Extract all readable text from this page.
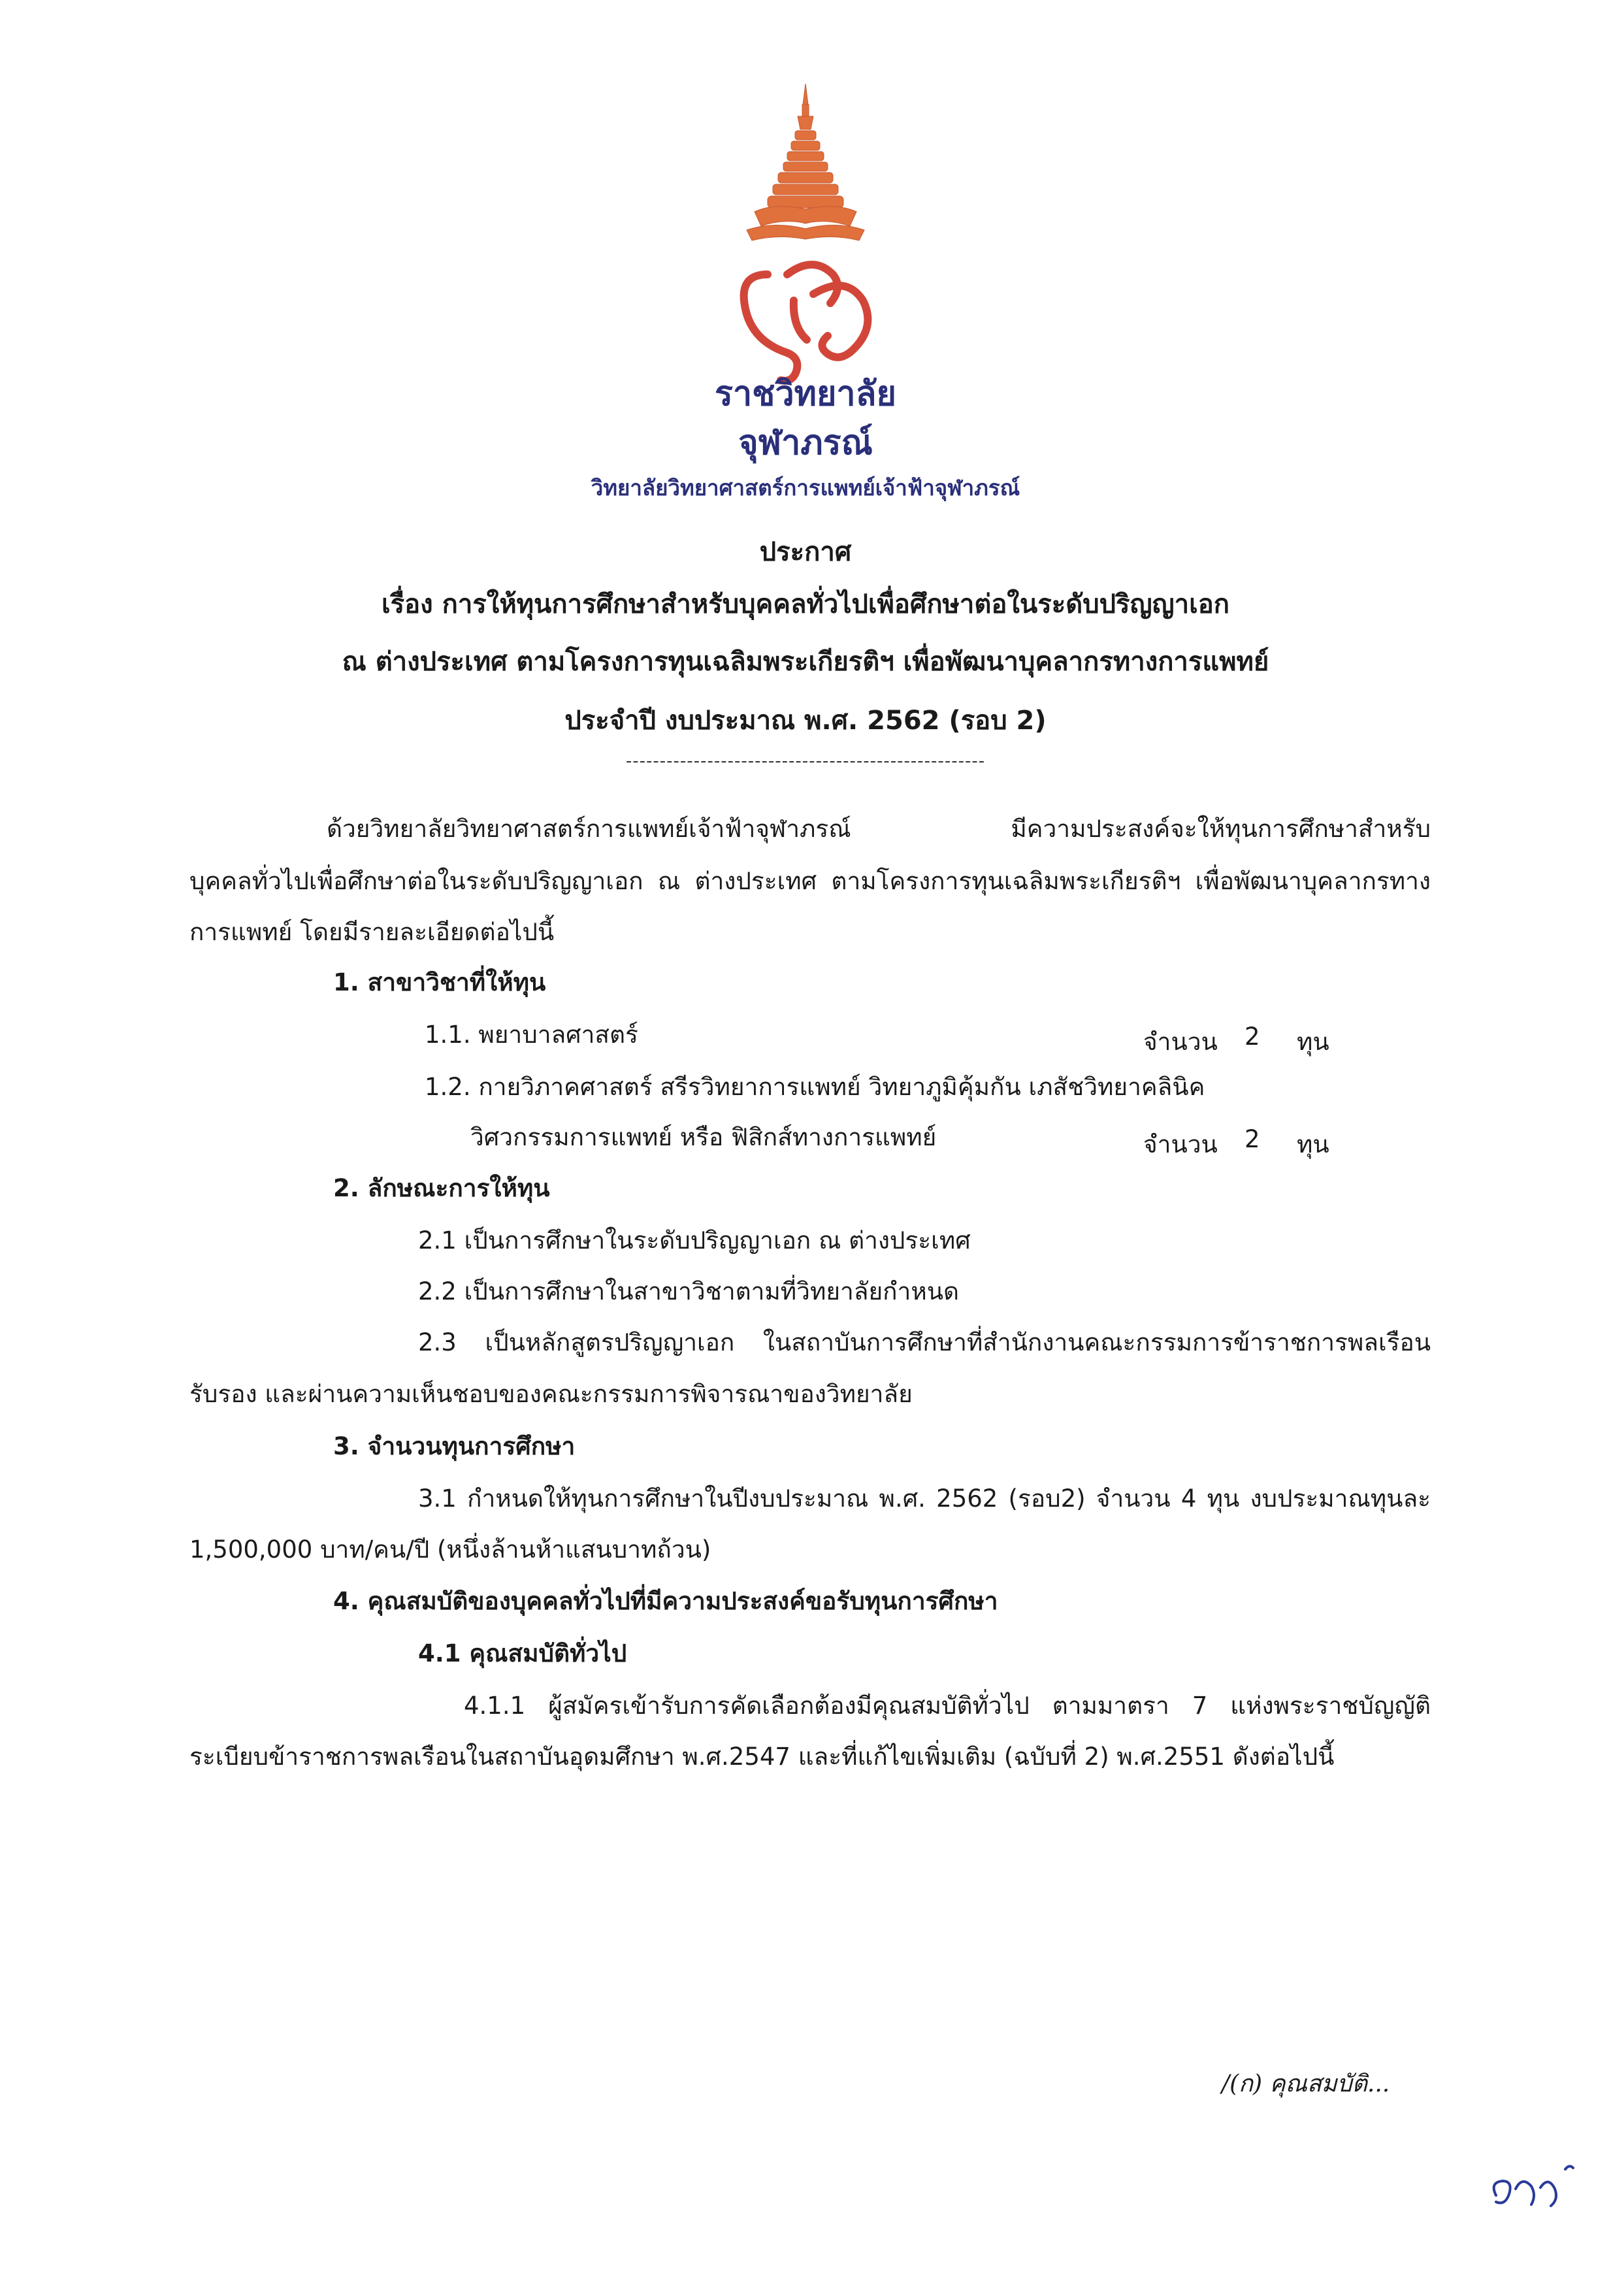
ราชวิทยาลัย
จุฬาภรณ์
วิทยาลัยวิทยาศาสตร์การแพทย์เจ้าฟ้าจุฬาภรณ์
ประกาศ
เรื่อง การให้ทุนการศึกษาสำหรับบุคคลทั่วไปเพื่อศึกษาต่อในระดับปริญญาเอก
ณ ต่างประเทศ ตามโครงการทุนเฉลิมพระเกียรติฯ เพื่อพัฒนาบุคลากรทางการแพทย์
ประจำปี งบประมาณ พ.ศ. 2562 (รอบ 2)
-----------------------------------------------------
ด้วยวิทยาลัยวิทยาศาสตร์การแพทย์เจ้าฟ้าจุฬาภรณ์ มีความประสงค์จะให้ทุนการศึกษาสำหรับ
บุคคลทั่วไปเพื่อศึกษาต่อในระดับปริญญาเอก ณ ต่างประเทศ ตามโครงการทุนเฉลิมพระเกียรติฯ เพื่อพัฒนาบุคลากรทาง
การแพทย์ โดยมีรายละเอียดต่อไปนี้
1. สาขาวิชาที่ให้ทุน
1.1. พยาบาลศาสตร์	จำนวน 2 ทุน
1.2. กายวิภาคศาสตร์ สรีรวิทยาการแพทย์ วิทยาภูมิคุ้มกัน เภสัชวิทยาคลินิค
วิศวกรรมการแพทย์ หรือ ฟิสิกส์ทางการแพทย์	จำนวน 2 ทุน
2. ลักษณะการให้ทุน
2.1 เป็นการศึกษาในระดับปริญญาเอก ณ ต่างประเทศ
2.2 เป็นการศึกษาในสาขาวิชาตามที่วิทยาลัยกำหนด
2.3 เป็นหลักสูตรปริญญาเอก ในสถาบันการศึกษาที่สำนักงานคณะกรรมการข้าราชการพลเรือน
รับรอง และผ่านความเห็นชอบของคณะกรรมการพิจารณาของวิทยาลัย
3. จำนวนทุนการศึกษา
3.1 กำหนดให้ทุนการศึกษาในปีงบประมาณ พ.ศ. 2562 (รอบ2) จำนวน 4 ทุน งบประมาณทุนละ
1,500,000 บาท/คน/ปี (หนึ่งล้านห้าแสนบาทถ้วน)
4. คุณสมบัติของบุคคลทั่วไปที่มีความประสงค์ขอรับทุนการศึกษา
4.1 คุณสมบัติทั่วไป
4.1.1 ผู้สมัครเข้ารับการคัดเลือกต้องมีคุณสมบัติทั่วไป ตามมาตรา 7 แห่งพระราชบัญญัติ
ระเบียบข้าราชการพลเรือนในสถาบันอุดมศึกษา พ.ศ.2547 และที่แก้ไขเพิ่มเติม (ฉบับที่ 2) พ.ศ.2551 ดังต่อไปนี้
/(ก) คุณสมบัติ...
